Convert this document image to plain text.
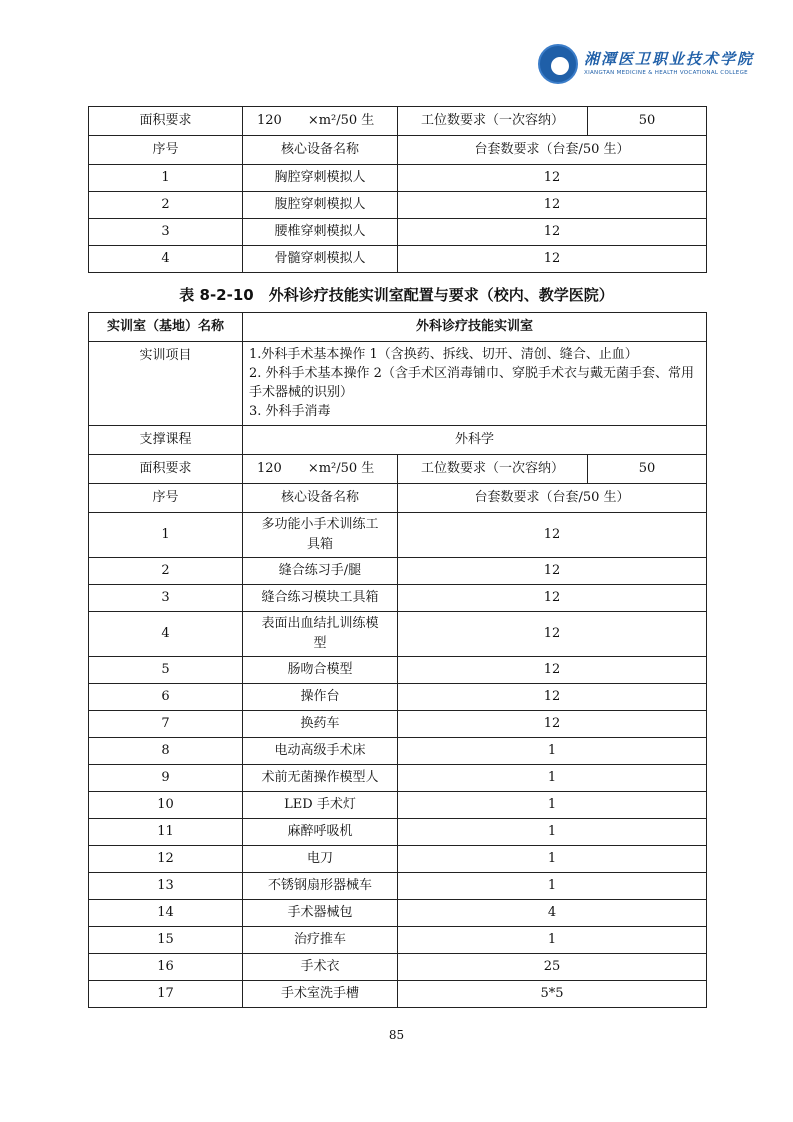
湘潭医卫职业技术学院
XIANGTAN MEDICINE & HEALTH VOCATIONAL COLLEGE
面积要求	120　　×m²/50 生	工位数要求（一次容纳）	50
序号	核心设备名称	台套数要求（台套/50 生）	
1	胸腔穿刺模拟人	12	
2	腹腔穿刺模拟人	12	
3	腰椎穿刺模拟人	12	
4	骨髓穿刺模拟人	12	
表 8-2-10　外科诊疗技能实训室配置与要求（校内、教学医院）
实训室（基地）名称	外科诊疗技能实训室		
实训项目	1.外科手术基本操作 1（含换药、拆线、切开、清创、缝合、止血）
2. 外科手术基本操作 2（含手术区消毒铺巾、穿脱手术衣与戴无菌手套、常用手术器械的识别）
3. 外科手消毒		

支撑课程	外科学		
面积要求	120　　×m²/50 生	工位数要求（一次容纳）	50
序号	核心设备名称	台套数要求（台套/50 生）	
1	多功能小手术训练工具箱	12	
2	缝合练习手/腿	12	
3	缝合练习模块工具箱	12	
4	表面出血结扎训练模型	12	
5	肠吻合模型	12	
6	操作台	12	
7	换药车	12	
8	电动高级手术床	1	
9	术前无菌操作模型人	1	
10	LED 手术灯	1	
11	麻醉呼吸机	1	
12	电刀	1	
13	不锈钢扇形器械车	1	
14	手术器械包	4	
15	治疗推车	1	
16	手术衣	25	
17	手术室洗手槽	5*5	
85
